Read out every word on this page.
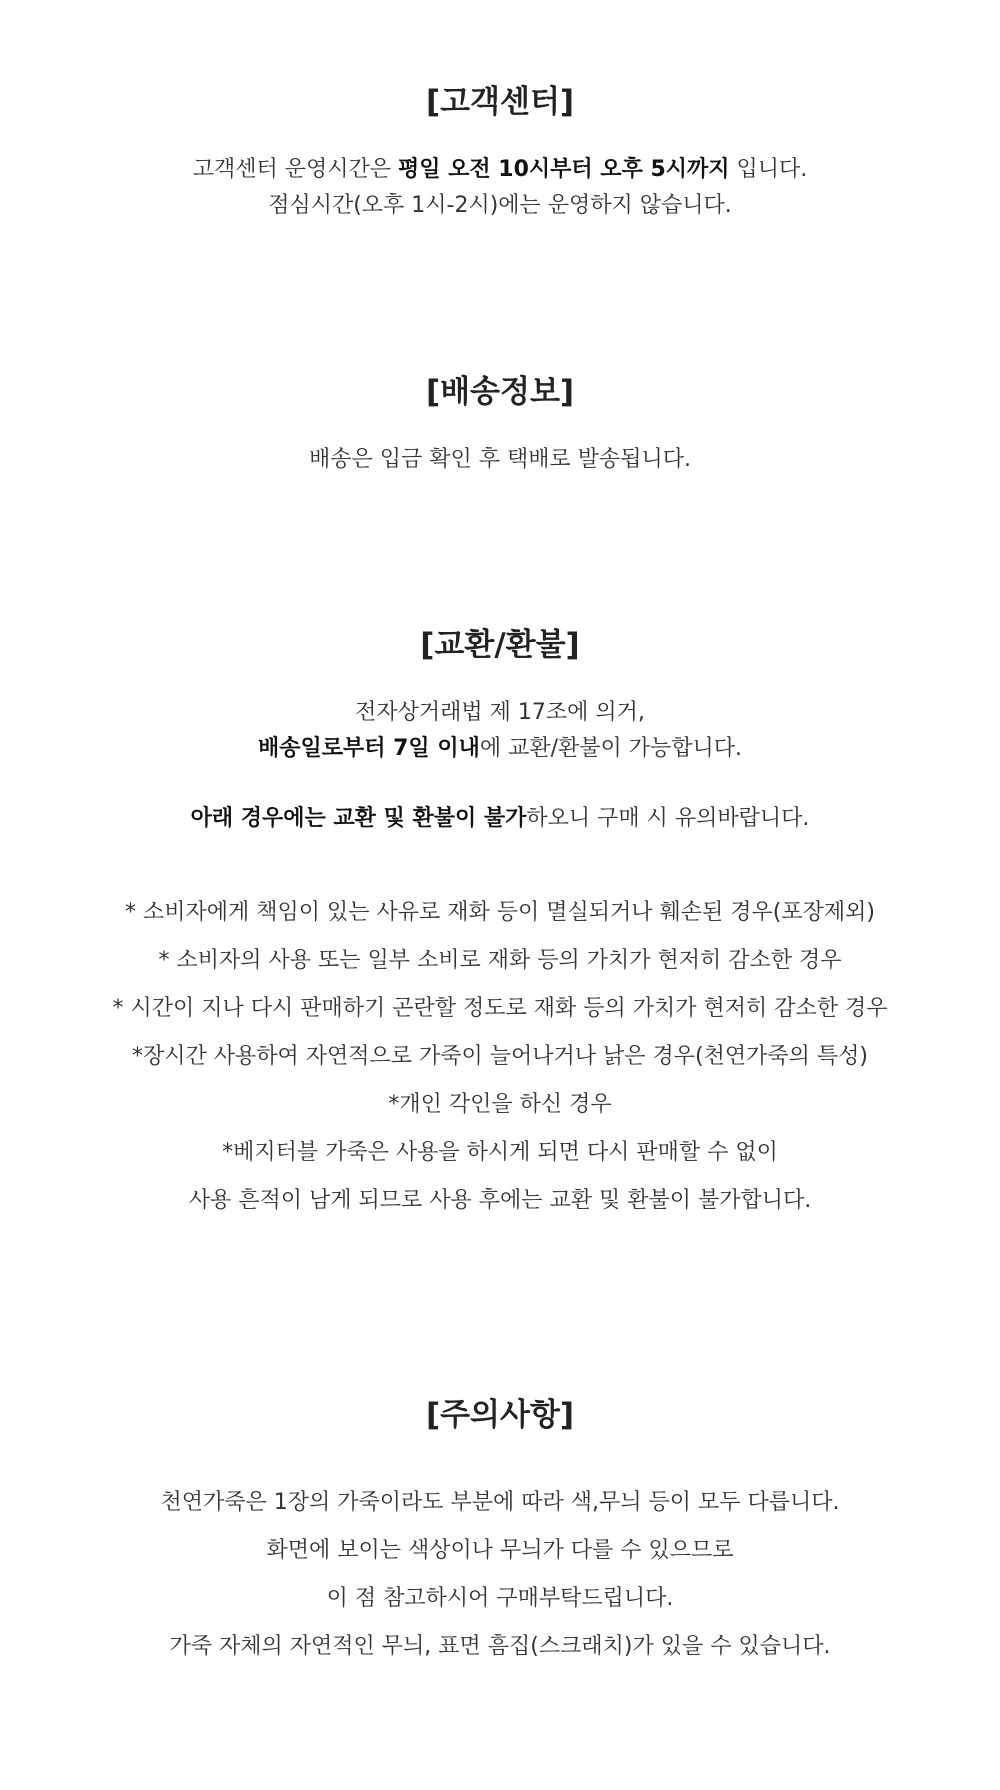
[고객센터]

고객센터 운영시간은 평일 오전 10시부터 오후 5시까지 입니다.

점심시간(오후 1시-2시)에는 운영하지 않습니다.

[배송정보]

배송은 입금 확인 후 택배로 발송됩니다.

[교환/환불]

전자상거래법 제 17조에 의거,

배송일로부터 7일 이내에 교환/환불이 가능합니다.

아래 경우에는 교환 및 환불이 불가하오니 구매 시 유의바랍니다.

* 소비자에게 책임이 있는 사유로 재화 등이 멸실되거나 훼손된 경우(포장제외)

* 소비자의 사용 또는 일부 소비로 재화 등의 가치가 현저히 감소한 경우

* 시간이 지나 다시 판매하기 곤란할 정도로 재화 등의 가치가 현저히 감소한 경우

*장시간 사용하여 자연적으로 가죽이 늘어나거나 낡은 경우(천연가죽의 특성)

*개인 각인을 하신 경우

*베지터블 가죽은 사용을 하시게 되면 다시 판매할 수 없이

사용 흔적이 남게 되므로 사용 후에는 교환 및 환불이 불가합니다.

[주의사항]

천연가죽은 1장의 가죽이라도 부분에 따라 색,무늬 등이 모두 다릅니다.

화면에 보이는 색상이나 무늬가 다를 수 있으므로

이 점 참고하시어 구매부탁드립니다.

가죽 자체의 자연적인 무늬, 표면 흠집(스크래치)가 있을 수 있습니다.
